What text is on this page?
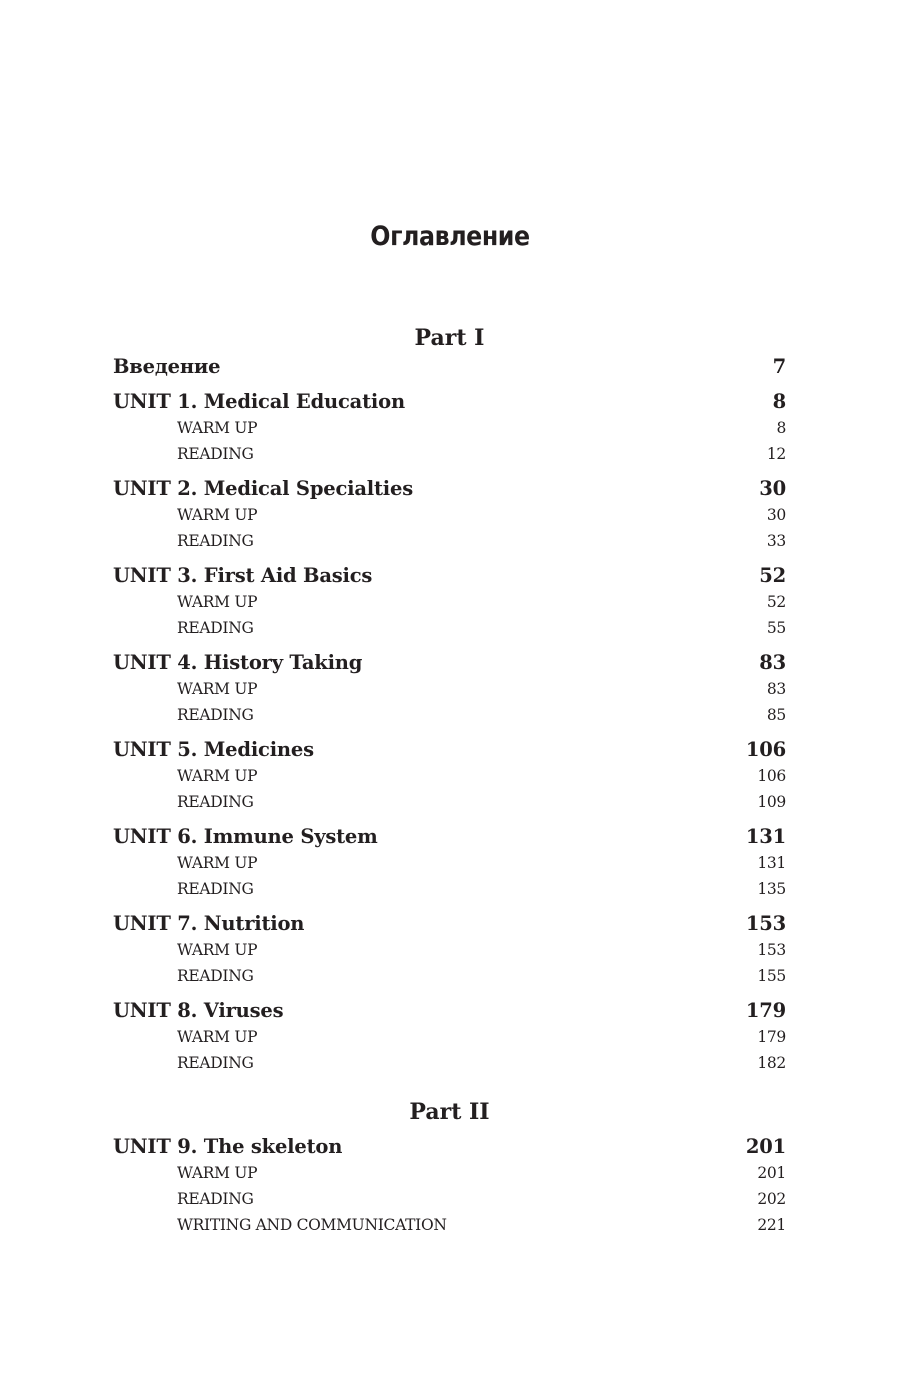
Оглавление
Part I
Введение	7
UNIT 1. Medical Education	8
WARM UP	8
READING	12
UNIT 2. Medical Specialties	30
WARM UP	30
READING	33
UNIT 3. First Aid Basics	52
WARM UP	52
READING	55
UNIT 4. History Taking	83
WARM UP	83
READING	85
UNIT 5. Medicines	106
WARM UP	106
READING	109
UNIT 6. Immune System	131
WARM UP	131
READING	135
UNIT 7. Nutrition	153
WARM UP	153
READING	155
UNIT 8. Viruses	179
WARM UP	179
READING	182
Part II
UNIT 9. The skeleton	201
WARM UP	201
READING	202
WRITING AND COMMUNICATION	221
